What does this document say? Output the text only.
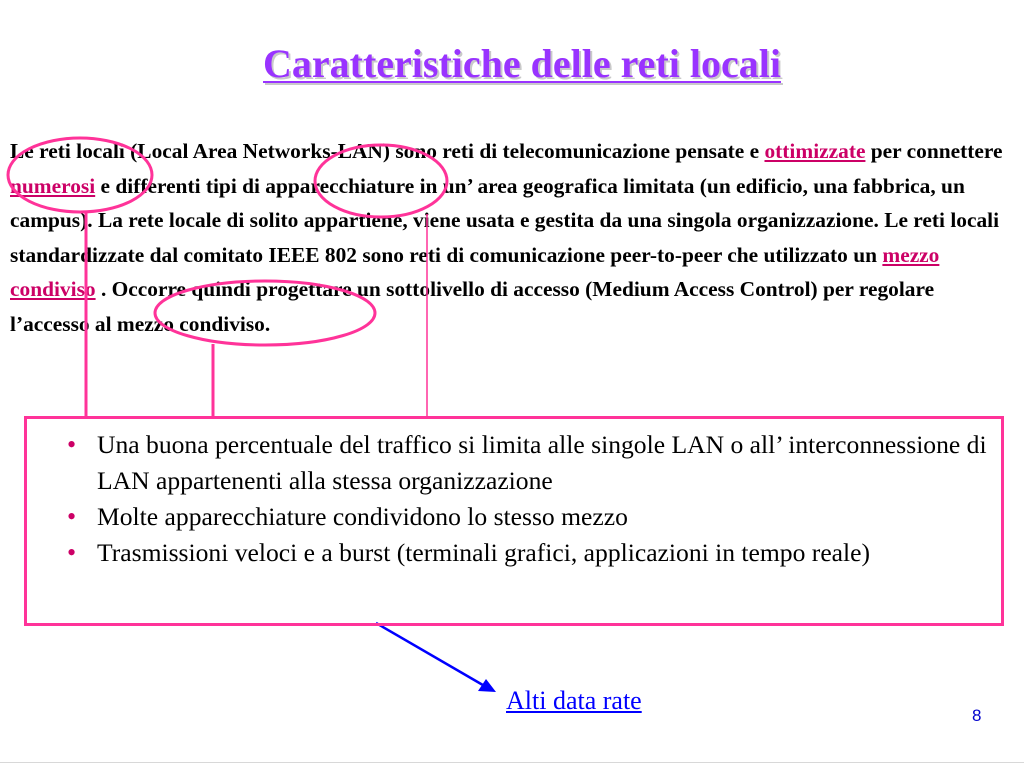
Caratteristiche delle reti locali

Le reti locali (Local Area Networks-LAN) sono reti di telecomunicazione pensate e ottimizzate per connettere numerosi e differenti tipi di apparecchiature in un’ area geografica limitata (un edificio, una fabbrica, un campus). La rete locale di solito appartiene, viene usata e gestita da una singola organizzazione. Le reti locali standardizzate dal comitato IEEE 802 sono reti di comunicazione peer-to-peer che utilizzato un mezzo condiviso . Occorre quindi progettare un sottolivello di accesso (Medium Access Control) per regolare l’accesso al mezzo condiviso.

• Una buona percentuale del traffico si limita alle singole LAN o all’ interconnessione di LAN appartenenti alla stessa organizzazione
• Molte apparecchiature condividono lo stesso mezzo
• Trasmissioni veloci e a burst (terminali grafici, applicazioni in tempo reale)
Alti data rate
8
